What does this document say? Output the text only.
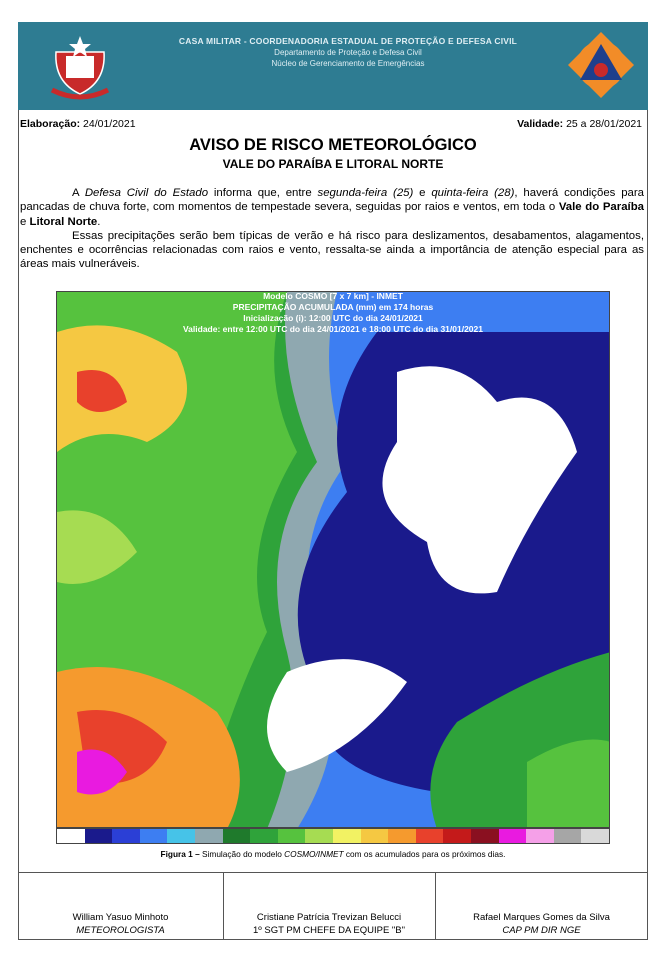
CASA MILITAR - COORDENADORIA ESTADUAL DE PROTEÇÃO E DEFESA CIVIL
Departamento de Proteção e Defesa Civil
Núcleo de Gerenciamento de Emergências
Elaboração: 24/01/2021	Validade: 25 a 28/01/2021
AVISO DE RISCO METEOROLÓGICO
VALE DO PARAÍBA E LITORAL NORTE

A Defesa Civil do Estado informa que, entre segunda-feira (25) e quinta-feira (28), haverá condições para pancadas de chuva forte, com momentos de tempestade severa, seguidas por raios e ventos, em toda o Vale do Paraíba e Litoral Norte.

Essas precipitações serão bem típicas de verão e há risco para deslizamentos, desabamentos, alagamentos, enchentes e ocorrências relacionadas com raios e vento, ressalta-se ainda a importância de atenção especial para as áreas mais vulneráveis.

Modelo COSMO [7 x 7 km] - INMET
PRECIPITAÇÃO ACUMULADA (mm) em 174 horas
Inicialização (i): 12:00 UTC do dia 24/01/2021
Validade: entre 12:00 UTC do dia 24/01/2021 e 18:00 UTC do dia 31/01/2021
Figura 1 – Simulação do modelo COSMO/INMET com os acumulados para os próximos dias.
William Yasuo Minhoto
METEOROLOGISTA
Cristiane Patrícia Trevizan Belucci
1º SGT PM CHEFE DA EQUIPE "B"
Rafael Marques Gomes da Silva
CAP PM DIR NGE
